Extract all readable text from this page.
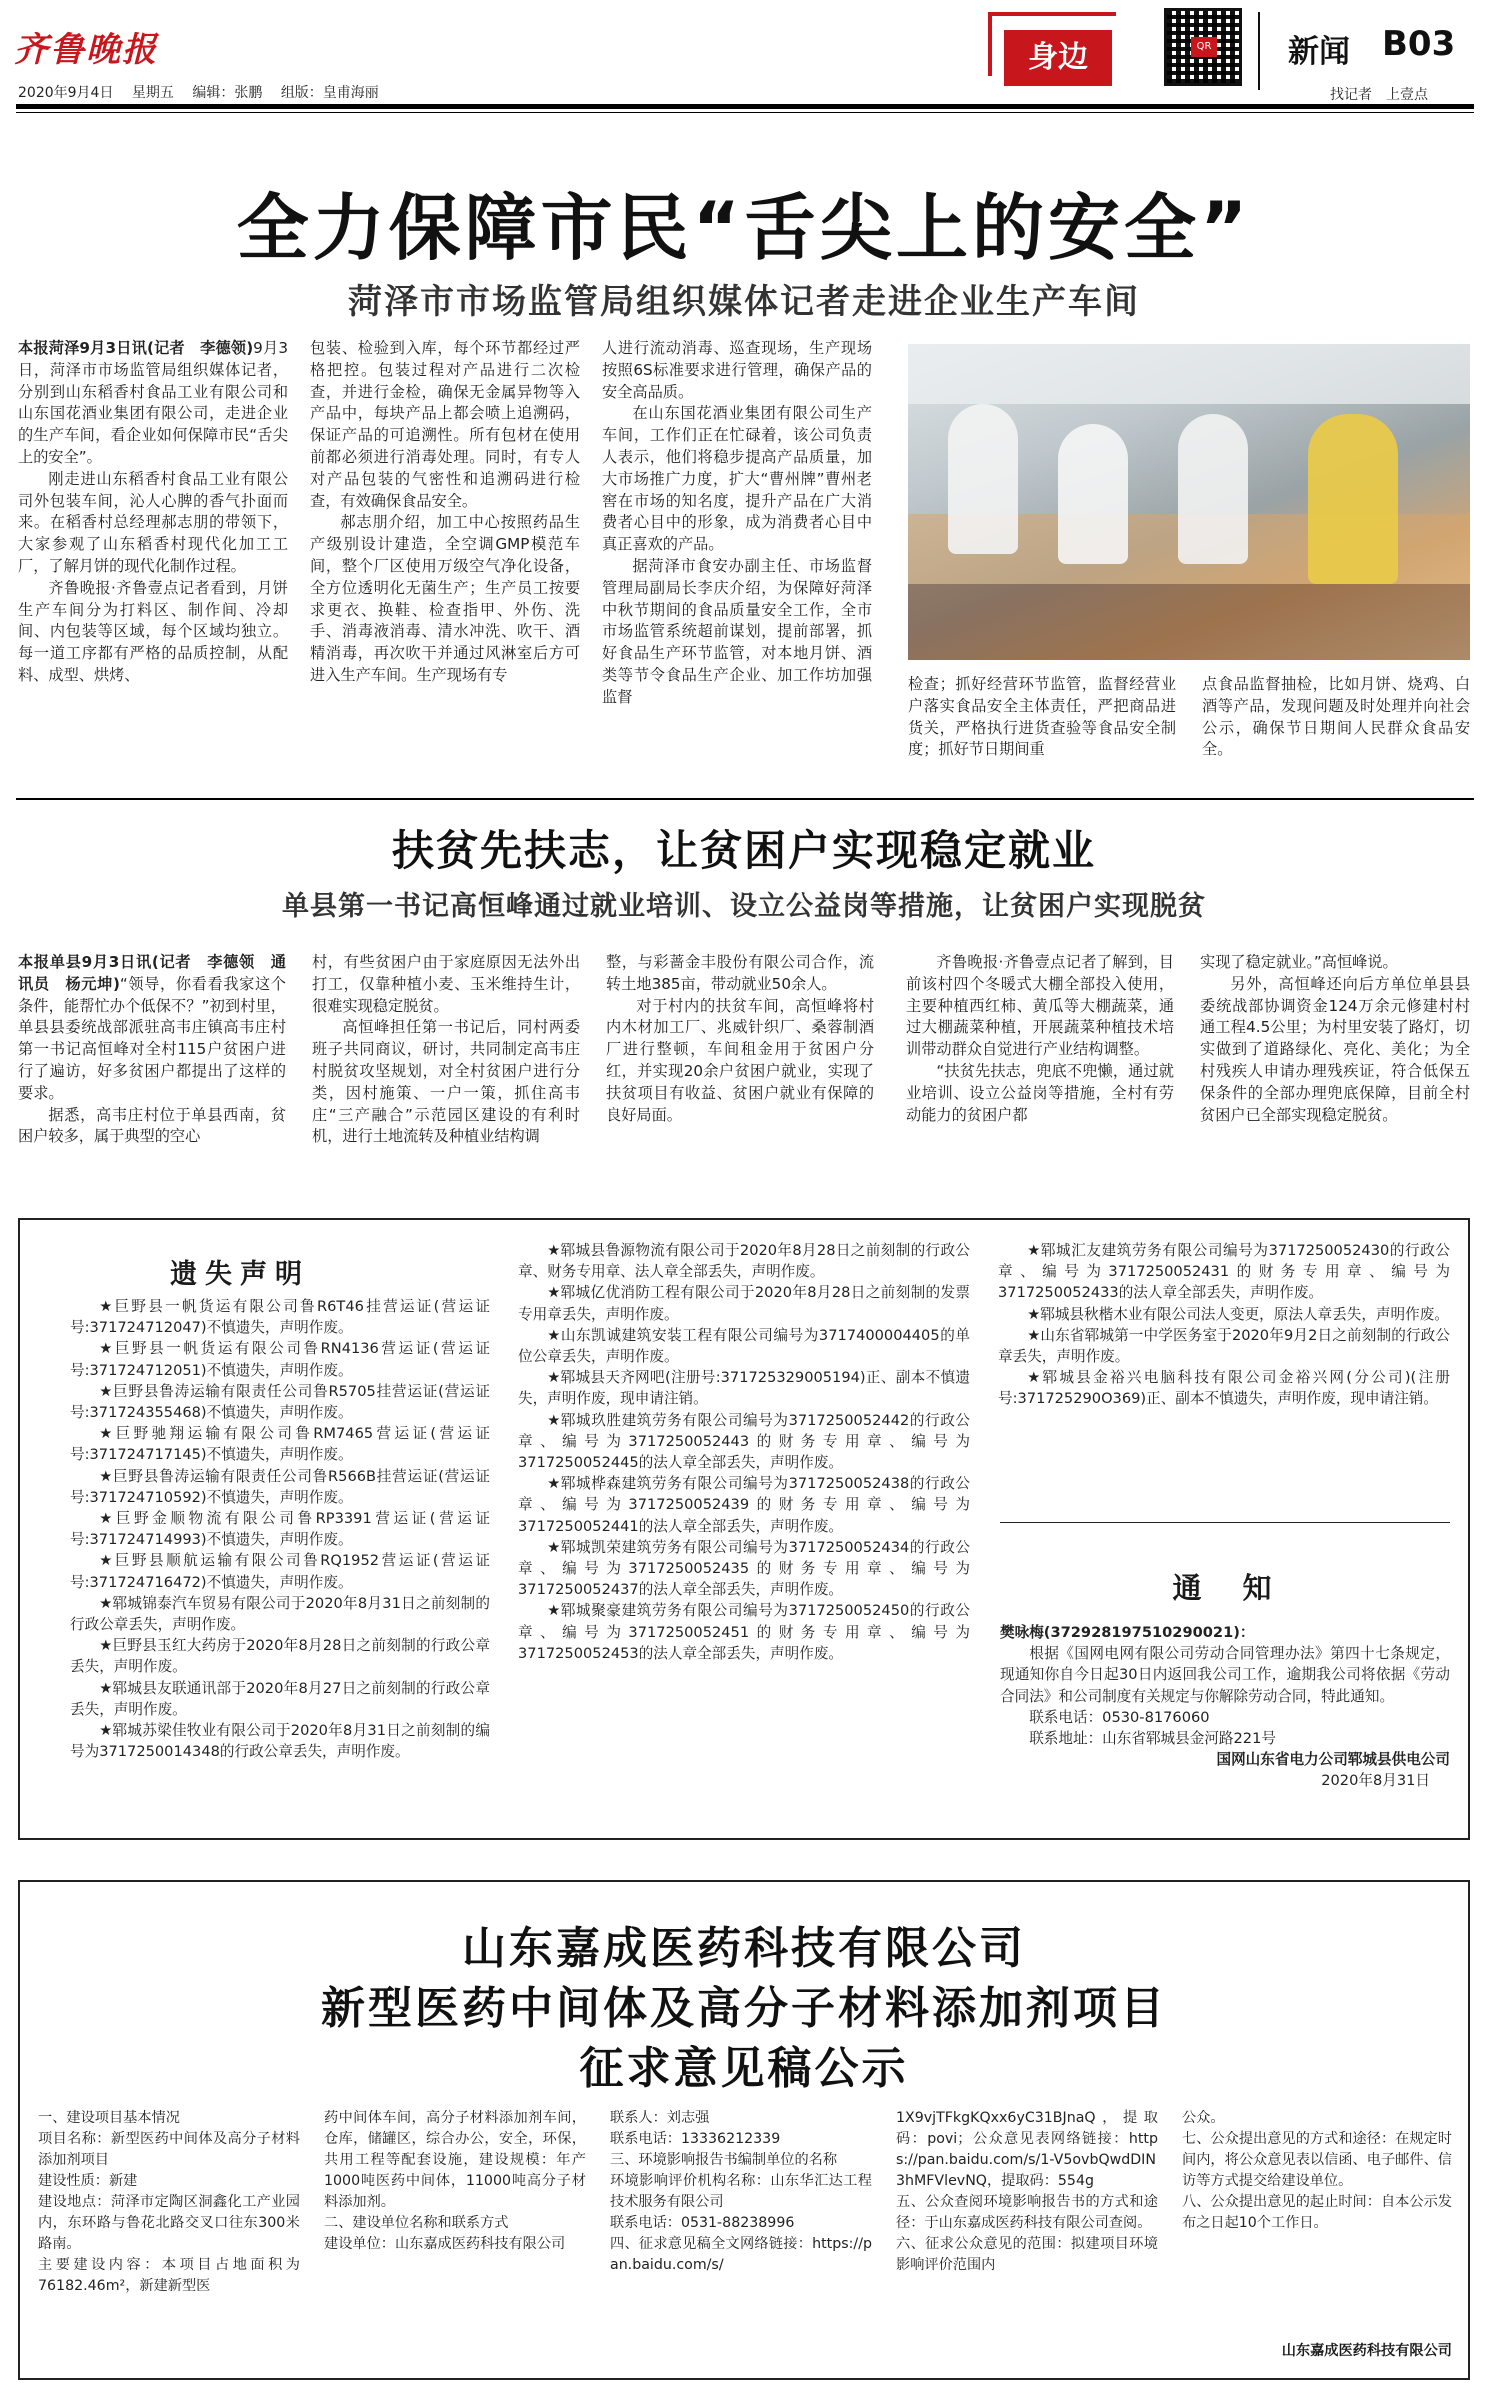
齐鲁晚报
2020年9月4日　 星期五　 编辑：张鹏　 组版：皇甫海丽
身边	QR 新闻 B03
找记者　上壹点
全力保障市民“舌尖上的安全”
菏泽市市场监管局组织媒体记者走进企业生产车间

本报菏泽9月3日讯(记者　李德领)9月3日，菏泽市市场监管局组织媒体记者，分别到山东稻香村食品工业有限公司和山东国花酒业集团有限公司，走进企业的生产车间，看企业如何保障市民“舌尖上的安全”。

刚走进山东稻香村食品工业有限公司外包装车间，沁人心脾的香气扑面而来。在稻香村总经理郝志朋的带领下，大家参观了山东稻香村现代化加工工厂，了解月饼的现代化制作过程。

齐鲁晚报·齐鲁壹点记者看到，月饼生产车间分为打料区、制作间、冷却间、内包装等区域，每个区域均独立。每一道工序都有严格的品质控制，从配料、成型、烘烤、

包装、检验到入库，每个环节都经过严格把控。包装过程对产品进行二次检查，并进行金检，确保无金属异物等入产品中，每块产品上都会喷上追溯码，保证产品的可追溯性。所有包材在使用前都必须进行消毒处理。同时，有专人对产品包装的气密性和追溯码进行检查，有效确保食品安全。

郝志朋介绍，加工中心按照药品生产级别设计建造，全空调GMP模范车间，整个厂区使用万级空气净化设备，全方位透明化无菌生产；生产员工按要求更衣、换鞋、检查指甲、外伤、洗手、消毒液消毒、清水冲洗、吹干、酒精消毒，再次吹干并通过风淋室后方可进入生产车间。生产现场有专

人进行流动消毒、巡查现场，生产现场按照6S标准要求进行管理，确保产品的安全高品质。

在山东国花酒业集团有限公司生产车间，工作们正在忙碌着，该公司负责人表示，他们将稳步提高产品质量，加大市场推广力度，扩大“曹州牌”曹州老窖在市场的知名度，提升产品在广大消费者心目中的形象，成为消费者心目中真正喜欢的产品。

据菏泽市食安办副主任、市场监督管理局副局长李庆介绍，为保障好菏泽中秋节期间的食品质量安全工作，全市市场监管系统超前谋划，提前部署，抓好食品生产环节监管，对本地月饼、酒类等节令食品生产企业、加工作坊加强监督

检查；抓好经营环节监管，监督经营业户落实食品安全主体责任，严把商品进货关，严格执行进货查验等食品安全制度；抓好节日期间重

点食品监督抽检，比如月饼、烧鸡、白酒等产品，发现问题及时处理并向社会公示，确保节日期间人民群众食品安全。

扶贫先扶志，让贫困户实现稳定就业
单县第一书记高恒峰通过就业培训、设立公益岗等措施，让贫困户实现脱贫

本报单县9月3日讯(记者　李德领　通讯员　杨元坤)“领导，你看看我家这个条件，能帮忙办个低保不？”初到村里，单县县委统战部派驻高韦庄镇高韦庄村第一书记高恒峰对全村115户贫困户进行了遍访，好多贫困户都提出了这样的要求。

据悉，高韦庄村位于单县西南，贫困户较多，属于典型的空心

村，有些贫困户由于家庭原因无法外出打工，仅靠种植小麦、玉米维持生计，很难实现稳定脱贫。

高恒峰担任第一书记后，同村两委班子共同商议，研讨，共同制定高韦庄村脱贫攻坚规划，对全村贫困户进行分类，因村施策、一户一策，抓住高韦庄“三产融合”示范园区建设的有利时机，进行土地流转及种植业结构调

整，与彩蔷金丰股份有限公司合作，流转土地385亩，带动就业50余人。

对于村内的扶贫车间，高恒峰将村内木材加工厂、兆威针织厂、桑蓉制酒厂进行整顿，车间租金用于贫困户分红，并实现20余户贫困户就业，实现了扶贫项目有收益、贫困户就业有保障的良好局面。

齐鲁晚报·齐鲁壹点记者了解到，目前该村四个冬暖式大棚全部投入使用，主要种植西红柿、黄瓜等大棚蔬菜，通过大棚蔬菜种植，开展蔬菜种植技术培训带动群众自觉进行产业结构调整。

“扶贫先扶志，兜底不兜懒，通过就业培训、设立公益岗等措施，全村有劳动能力的贫困户都

实现了稳定就业。”高恒峰说。

另外，高恒峰还向后方单位单县县委统战部协调资金124万余元修建村村通工程4.5公里；为村里安装了路灯，切实做到了道路绿化、亮化、美化；为全村残疾人申请办理残疾证，符合低保五保条件的全部办理兜底保障，目前全村贫困户已全部实现稳定脱贫。

遗失声明

★巨野县一帆货运有限公司鲁R6T46挂营运证(营运证号:371724712047)不慎遗失，声明作废。

★巨野县一帆货运有限公司鲁RN4136营运证(营运证号:371724712051)不慎遗失，声明作废。

★巨野县鲁涛运输有限责任公司鲁R5705挂营运证(营运证号:371724355468)不慎遗失，声明作废。

★巨野驰翔运输有限公司鲁RM7465营运证(营运证号:371724717145)不慎遗失，声明作废。

★巨野县鲁涛运输有限责任公司鲁R566B挂营运证(营运证号:371724710592)不慎遗失，声明作废。

★巨野金顺物流有限公司鲁RP3391营运证(营运证号:371724714993)不慎遗失，声明作废。

★巨野县顺航运输有限公司鲁RQ1952营运证(营运证号:371724716472)不慎遗失，声明作废。

★郓城锦泰汽车贸易有限公司于2020年8月31日之前刻制的行政公章丢失，声明作废。

★巨野县玉红大药房于2020年8月28日之前刻制的行政公章丢失，声明作废。

★郓城县友联通讯部于2020年8月27日之前刻制的行政公章丢失，声明作废。

★郓城苏梁佳牧业有限公司于2020年8月31日之前刻制的编号为3717250014348的行政公章丢失，声明作废。

★郓城县鲁源物流有限公司于2020年8月28日之前刻制的行政公章、财务专用章、法人章全部丢失，声明作废。

★郓城亿优消防工程有限公司于2020年8月28日之前刻制的发票专用章丢失，声明作废。

★山东凯诚建筑安装工程有限公司编号为3717400004405的单位公章丢失，声明作废。

★郓城县天齐网吧(注册号:371725329005194)正、副本不慎遗失，声明作废，现申请注销。

★郓城玖胜建筑劳务有限公司编号为3717250052442的行政公章、编号为3717250052443的财务专用章、编号为3717250052445的法人章全部丢失，声明作废。

★郓城桦森建筑劳务有限公司编号为3717250052438的行政公章、编号为3717250052439的财务专用章、编号为3717250052441的法人章全部丢失，声明作废。

★郓城凯荣建筑劳务有限公司编号为3717250052434的行政公章、编号为3717250052435的财务专用章、编号为3717250052437的法人章全部丢失，声明作废。

★郓城聚豪建筑劳务有限公司编号为3717250052450的行政公章、编号为3717250052451的财务专用章、编号为3717250052453的法人章全部丢失，声明作废。

★郓城汇友建筑劳务有限公司编号为3717250052430的行政公章、编号为3717250052431的财务专用章、编号为3717250052433的法人章全部丢失，声明作废。

★郓城县秋楷木业有限公司法人变更，原法人章丢失，声明作废。

★山东省郓城第一中学医务室于2020年9月2日之前刻制的行政公章丢失，声明作废。

★郓城县金裕兴电脑科技有限公司金裕兴网(分公司)(注册号:371725290O369)正、副本不慎遗失，声明作废，现申请注销。

通　知

樊咏梅(372928197510290021)：

根据《国网电网有限公司劳动合同管理办法》第四十七条规定，现通知你自今日起30日内返回我公司工作，逾期我公司将依据《劳动合同法》和公司制度有关规定与你解除劳动合同，特此通知。

联系电话：0530-8176060

联系地址：山东省郓城县金河路221号

国网山东省电力公司郓城县供电公司

2020年8月31日

山东嘉成医药科技有限公司
新型医药中间体及高分子材料添加剂项目
征求意见稿公示
一、建设项目基本情况
项目名称：新型医药中间体及高分子材料添加剂项目
建设性质：新建
建设地点：菏泽市定陶区洞鑫化工产业园内，东环路与鲁花北路交叉口往东300米路南。
主要建设内容：本项目占地面积为76182.46m²，新建新型医
药中间体车间，高分子材料添加剂车间，仓库，储罐区，综合办公，安全，环保，共用工程等配套设施，建设规模：年产1000吨医药中间体，11000吨高分子材料添加剂。
二、建设单位名称和联系方式
建设单位：山东嘉成医药科技有限公司
联系人：刘志强
联系电话：13336212339
三、环境影响报告书编制单位的名称
环境影响评价机构名称：山东华汇达工程技术服务有限公司
联系电话：0531-88238996
四、征求意见稿全文网络链接：https://pan.baidu.com/s/
1X9vjTFkgKQxx6yC31BJnaQ，提取码：povi；公众意见表网络链接：https://pan.baidu.com/s/1-V5ovbQwdDIN3hMFVlevNQ，提取码：554g
五、公众查阅环境影响报告书的方式和途径：于山东嘉成医药科技有限公司查阅。
六、征求公众意见的范围：拟建项目环境影响评价范围内
公众。
七、公众提出意见的方式和途径：在规定时间内，将公众意见表以信函、电子邮件、信访等方式提交给建设单位。
八、公众提出意见的起止时间：自本公示发布之日起10个工作日。
山东嘉成医药科技有限公司
